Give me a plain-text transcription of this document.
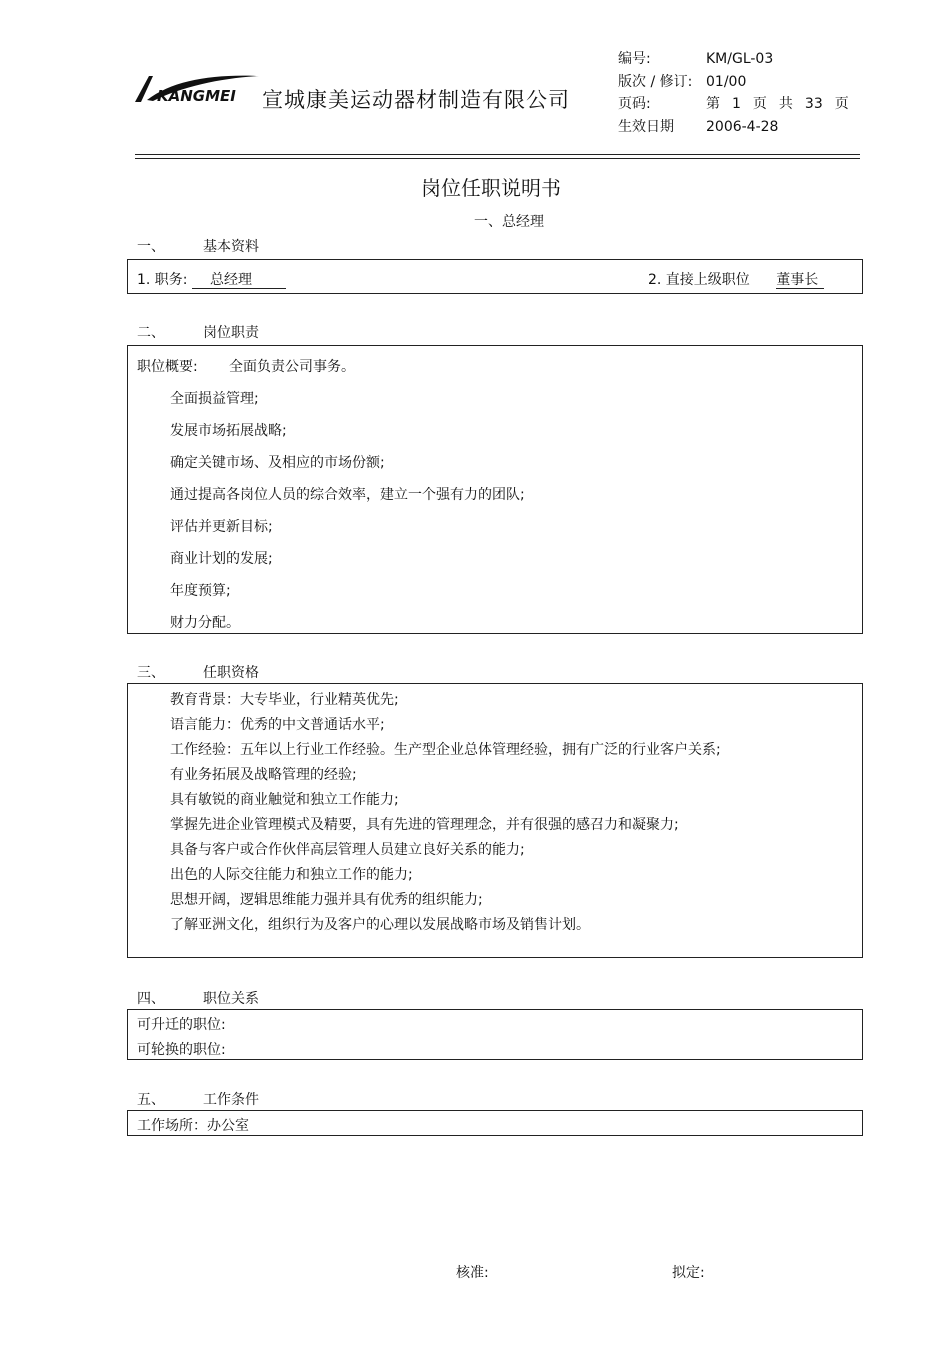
KANGMEI 宣城康美运动器材制造有限公司
编号:	KM/GL-03
版次 / 修订: 01/00
页码:	第 1 页 共 33 页
生效日期	2006-4-28
岗位任职说明书
一、总经理
一、	基本资料
1. 职务: 总经理	2. 直接上级职位 董事长
二、	岗位职责
职位概要: 全面负责公司事务。
全面损益管理;
发展市场拓展战略;
确定关键市场、及相应的市场份额;
通过提高各岗位人员的综合效率，建立一个强有力的团队;
评估并更新目标;
商业计划的发展;
年度预算;
财力分配。
三、	任职资格
教育背景：大专毕业，行业精英优先;
语言能力：优秀的中文普通话水平;
工作经验：五年以上行业工作经验。生产型企业总体管理经验，拥有广泛的行业客户关系;
有业务拓展及战略管理的经验;
具有敏锐的商业触觉和独立工作能力;
掌握先进企业管理模式及精要，具有先进的管理理念，并有很强的感召力和凝聚力;
具备与客户或合作伙伴高层管理人员建立良好关系的能力;
出色的人际交往能力和独立工作的能力;
思想开阔，逻辑思维能力强并具有优秀的组织能力;
了解亚洲文化，组织行为及客户的心理以发展战略市场及销售计划。
四、	职位关系
可升迁的职位:
可轮换的职位:
五、	工作条件
工作场所：办公室
核准:	拟定:
